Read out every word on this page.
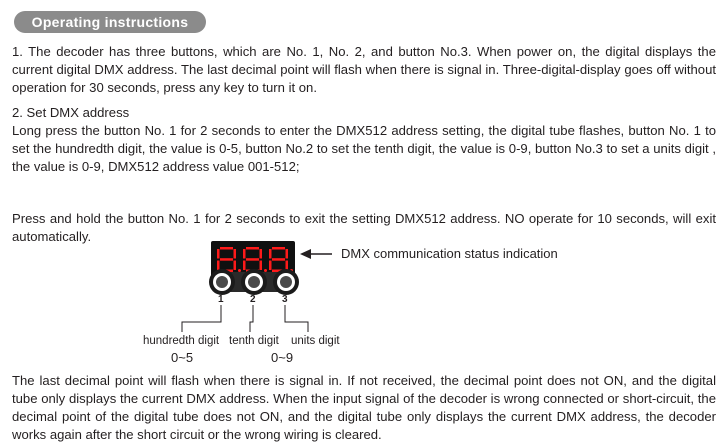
Operating instructions

1. The decoder has three buttons, which are No. 1, No. 2, and button No.3. When power on, the digital displays the current digital DMX address. The last decimal point will flash when there is signal in. Three-digital-display goes off without operation for 30 seconds, press any key to turn it on.

2. Set DMX address
Long press the button No. 1 for 2 seconds to enter the DMX512 address setting, the digital tube flashes, button No. 1 to set the hundredth digit, the value is 0-5, button No.2 to set the tenth digit, the value is 0-9, button No.3 to set a units digit , the value is 0-9, DMX512 address value 001-512;

Press and hold the button No. 1 for 2 seconds to exit the setting DMX512 address. NO operate for 10 seconds, will exit automatically.

DMX communication status indication
1	2	3
hundredth digit tenth digit units digit
0~5	0~9

The last decimal point will flash when there is signal in. If not received, the decimal point does not ON, and the digital tube only displays the current DMX address. When the input signal of the decoder is wrong connected or short-circuit, the decimal point of the digital tube does not ON, and the digital tube only displays the current DMX address, the decoder works again after the short circuit or the wrong wiring is cleared.
